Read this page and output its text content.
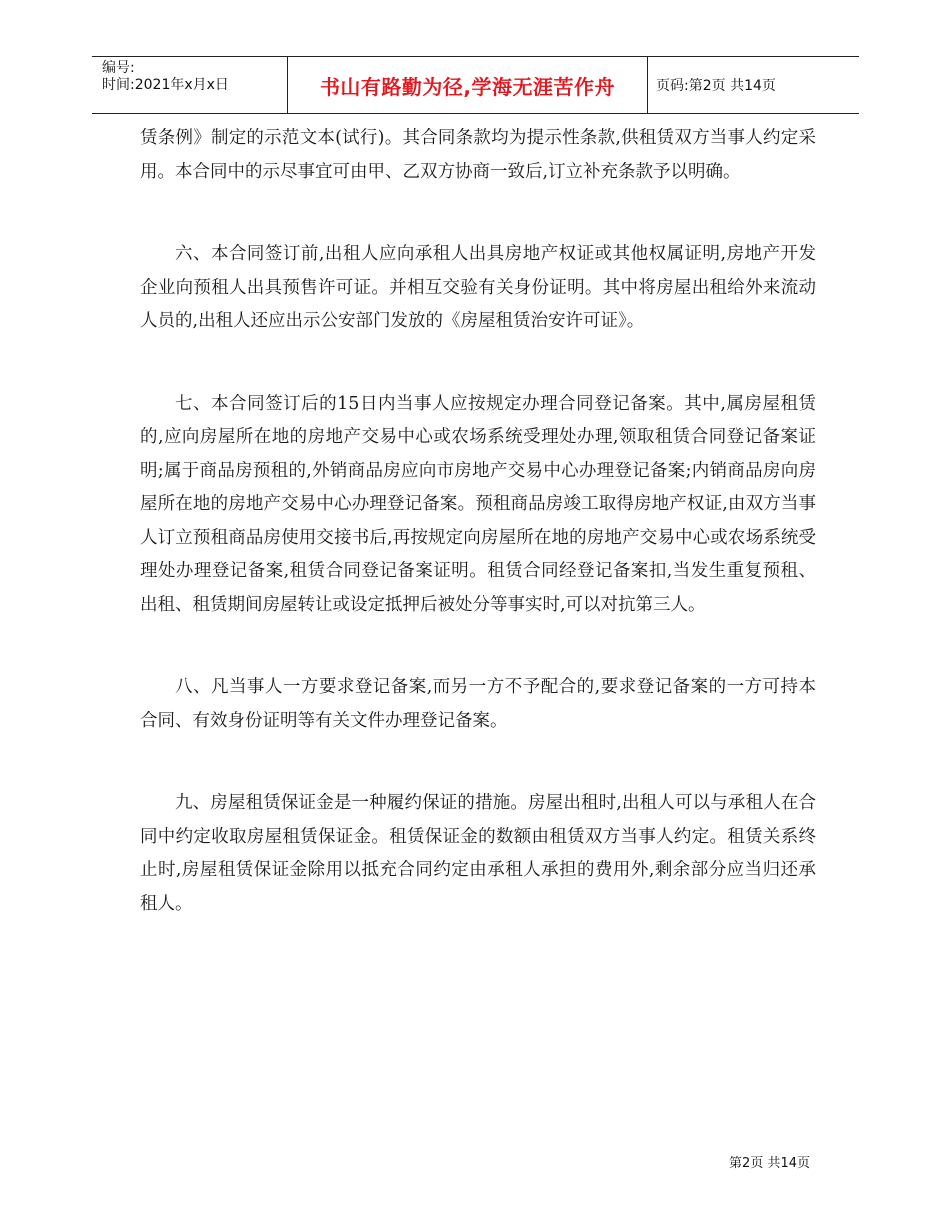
编号:
时间:2021年x月x日	书山有路勤为径,学海无涯苦作舟	页码:第2页 共14页

赁条例》制定的示范文本(试行)。其合同条款均为提示性条款,供租赁双方当事人约定采用。本合同中的示尽事宜可由甲、乙双方协商一致后,订立补充条款予以明确。

六、本合同签订前,出租人应向承租人出具房地产权证或其他权属证明,房地产开发企业向预租人出具预售许可证。并相互交验有关身份证明。其中将房屋出租给外来流动人员的,出租人还应出示公安部门发放的《房屋租赁治安许可证》。

七、本合同签订后的15日内当事人应按规定办理合同登记备案。其中,属房屋租赁的,应向房屋所在地的房地产交易中心或农场系统受理处办理,领取租赁合同登记备案证明;属于商品房预租的,外销商品房应向市房地产交易中心办理登记备案;内销商品房向房屋所在地的房地产交易中心办理登记备案。预租商品房竣工取得房地产权证,由双方当事人订立预租商品房使用交接书后,再按规定向房屋所在地的房地产交易中心或农场系统受理处办理登记备案,租赁合同登记备案证明。租赁合同经登记备案扣,当发生重复预租、出租、租赁期间房屋转让或设定抵押后被处分等事实时,可以对抗第三人。

八、凡当事人一方要求登记备案,而另一方不予配合的,要求登记备案的一方可持本合同、有效身份证明等有关文件办理登记备案。

九、房屋租赁保证金是一种履约保证的措施。房屋出租时,出租人可以与承租人在合同中约定收取房屋租赁保证金。租赁保证金的数额由租赁双方当事人约定。租赁关系终止时,房屋租赁保证金除用以抵充合同约定由承租人承担的费用外,剩余部分应当归还承租人。

第2页 共14页
